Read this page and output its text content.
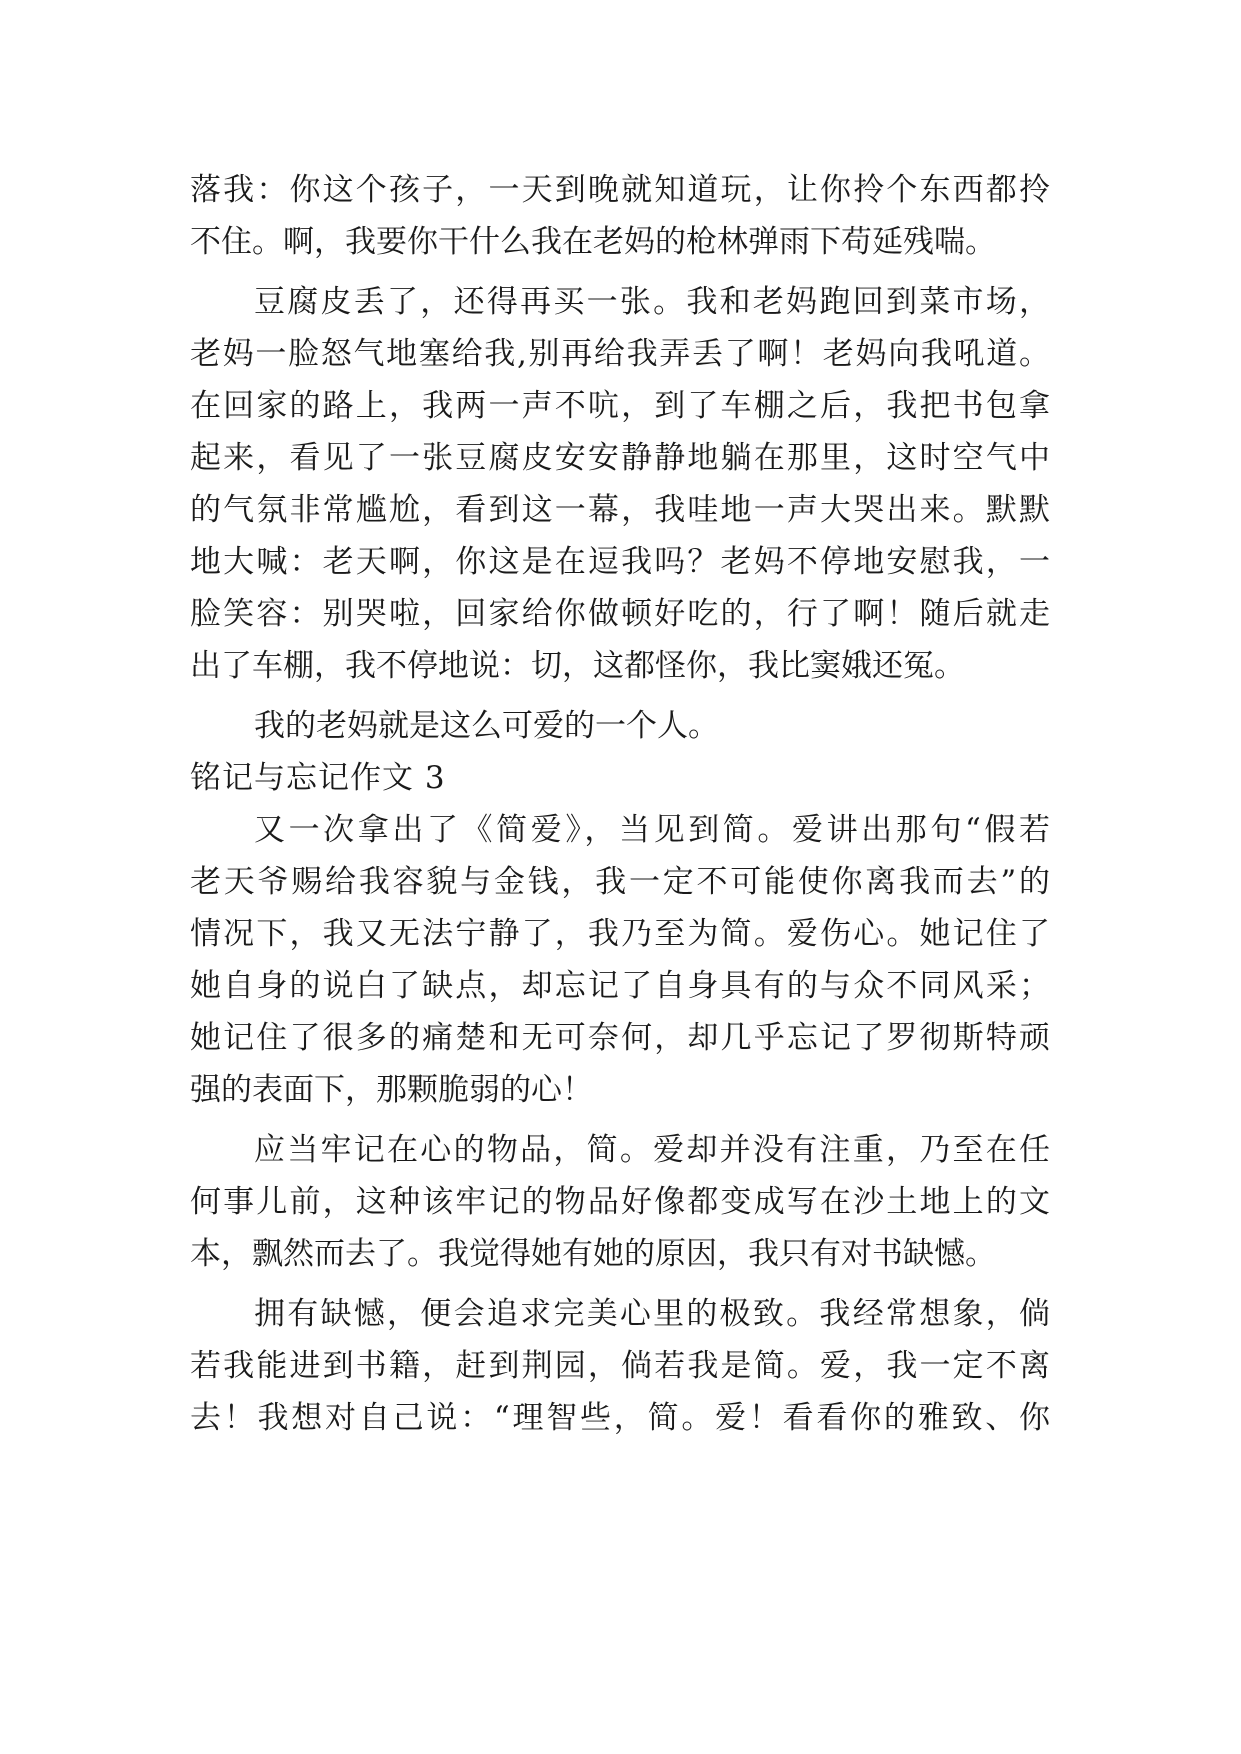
落我：你这个孩子，一天到晚就知道玩，让你拎个东西都拎
不住。啊，我要你干什么我在老妈的枪林弹雨下苟延残喘。
豆腐皮丢了，还得再买一张。我和老妈跑回到菜市场，
老妈一脸怒气地塞给我,别再给我弄丢了啊！老妈向我吼道。
在回家的路上，我两一声不吭，到了车棚之后，我把书包拿
起来，看见了一张豆腐皮安安静静地躺在那里，这时空气中
的气氛非常尴尬，看到这一幕，我哇地一声大哭出来。默默
地大喊：老天啊，你这是在逗我吗？老妈不停地安慰我，一
脸笑容：别哭啦，回家给你做顿好吃的，行了啊！随后就走
出了车棚，我不停地说：切，这都怪你，我比窦娥还冤。
我的老妈就是这么可爱的一个人。
铭记与忘记作文 3
又一次拿出了《简爱》，当见到简。爱讲出那句“假若
老天爷赐给我容貌与金钱，我一定不可能使你离我而去”的
情况下，我又无法宁静了，我乃至为简。爱伤心。她记住了
她自身的说白了缺点，却忘记了自身具有的与众不同风采；
她记住了很多的痛楚和无可奈何，却几乎忘记了罗彻斯特顽
强的表面下，那颗脆弱的心！
应当牢记在心的物品，简。爱却并没有注重，乃至在任
何事儿前，这种该牢记的物品好像都变成写在沙土地上的文
本，飘然而去了。我觉得她有她的原因，我只有对书缺憾。
拥有缺憾，便会追求完美心里的极致。我经常想象，倘
若我能进到书籍，赶到荆园，倘若我是简。爱，我一定不离
去！我想对自己说：“理智些，简。爱！看看你的雅致、你
